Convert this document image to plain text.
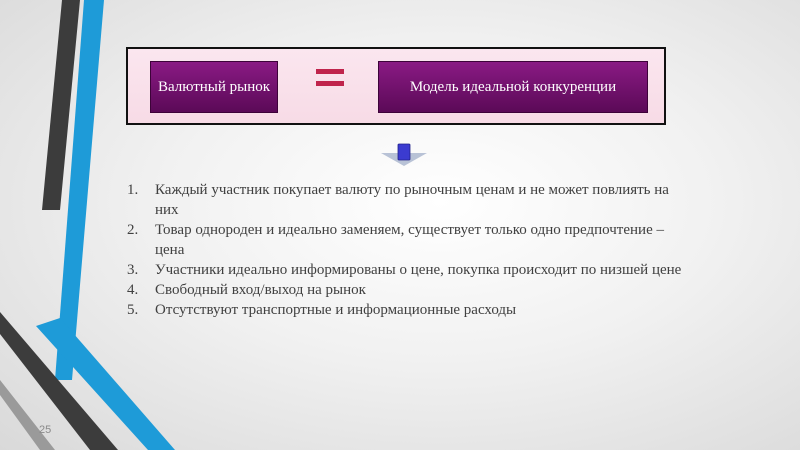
Валютный рынок	Модель идеальной конкуренции
1. Каждый участник покупает валюту по рыночным ценам и не может повлиять на них
2. Товар однороден и идеально заменяем, существует только одно предпочтение – цена
3. Участники идеально информированы о цене, покупка происходит по низшей цене
4. Свободный вход/выход на рынок
5. Отсутствуют транспортные и информационные расходы
25
